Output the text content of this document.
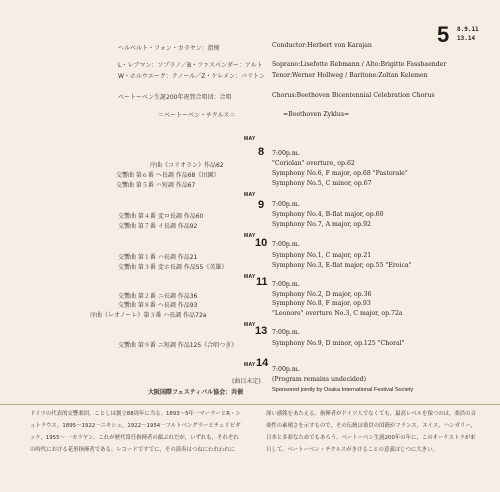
5 8.9.11
13.14
ヘルベルト・フォン・カラヤン：指揮	Conductor:Herbert von Karajan
L・レブマン：ソプラノ／B・ファスベンダー：アルト Soprano:Lisefotte Rebmann / Alto:Brigitte Fassbaender
W・ホルウエーク：テノール／Z・ケレメン：バリトン Tenor:Werner Hollweg / Baritone:Zoltan Kelemen
ベートーベン生誕200年祝賀合唱団：合唱	Chorus:Beethoven Bicentennial Celebration Chorus
＝ベートーベン・チクルス＝	=Beethoven Zyklus=
MAY
8 7:00p.m.
序曲《コリオラン》作品62	"Coriolan" overture, op.62
交響曲 第６番 ヘ長調 作品68《田園》	Symphony No.6, F major, op.68 "Pastorale"
交響曲 第５番 ハ短調 作品67	Symphony No.5, C minor, op.67
MAY
9 7:00p.m.
交響曲 第４番 変ロ長調 作品60	Symphony No.4, B-flat major, op.60
交響曲 第７番 イ長調 作品92	Symphony No.7, A major, op.92
MAY
10 7:00p.m.
交響曲 第１番 ハ長調 作品21	Symphony No.1, C major, op.21
交響曲 第３番 変ホ長調 作品55《英雄》	Symphony No.3, E-flat major, op.55 "Eroica"
MAY 11 7:00p.m.
交響曲 第２番 ニ長調 作品36	Symphony No.2, D major, op.36
交響曲 第８番 ヘ長調 作品93	Symphony No.8, F major, op.93
序曲《レオノーレ》第３番 ハ長調 作品72a	"Leonore" overture No.3, C major, op.72a
MAY 13 7:00p.m.
交響曲 第９番 ニ短調 作品125《合唱つき》	Symphony No.9, D minor, op.125 "Choral"
MAY 14
7:00p.m.
(曲目未定) (Program remains undecided)
大阪国際フェスティバル協会：共催	Sponsored jointly by Osaka International Festival Society
ドイツの代表的交響楽団。ことしは創立88周年に当る。1893～5年一マーラーとR・シュトラウス，1895～1922一ニキシュ，1922～1954一フルトベングラーとチェリビダッケ，1955～ 一カラヤン。これが歴代常任指揮者の顔ぶれだが，いずれも，それぞれの時代における花形指揮者である。レコードですでに，その演奏はつねにわれわれに
深い感銘をあたえる。指揮者がドイツ人でなくても，最高レベルを保つのは，楽員の音楽性の素晴さを示すもので，その伝統は楽員の国籍がフランス，スイス，ハンガリー，日本と多彩なためでもあろう。ベートーベン生誕200年の年に，このオーケストラが来日して，ベートーベン・チクルスがきけることの意義はじつに大きい。
